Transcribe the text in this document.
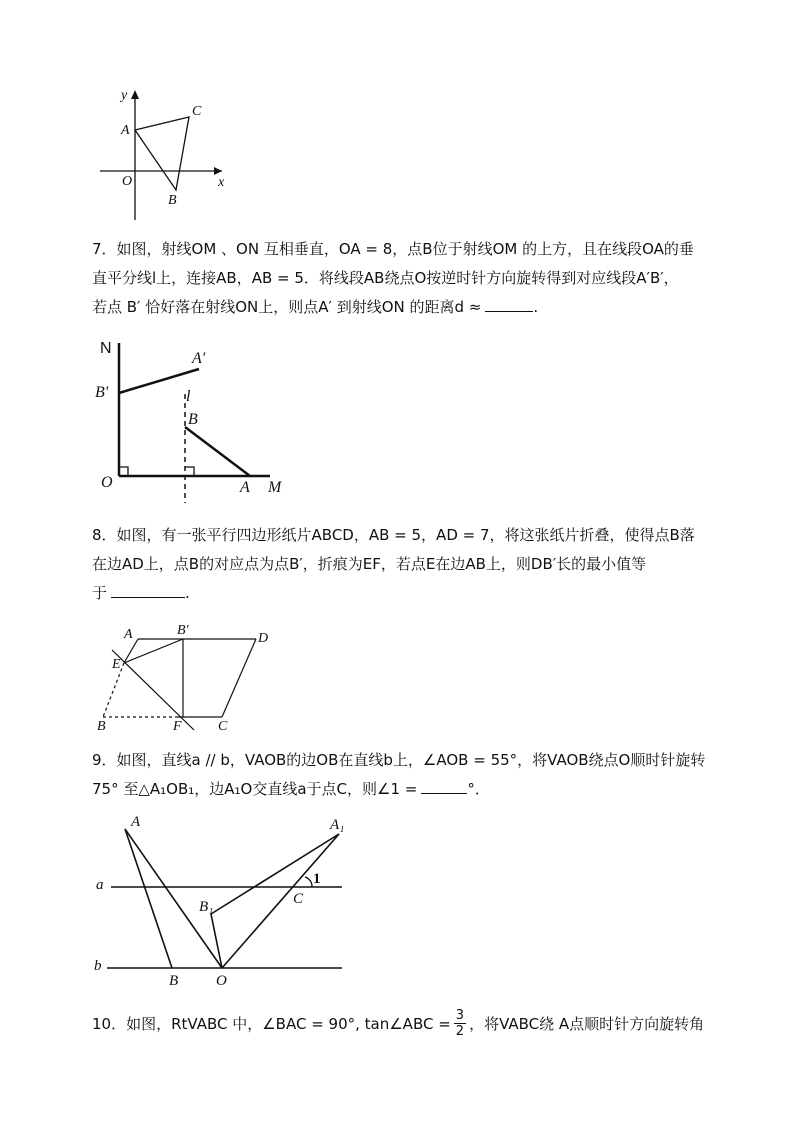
y
x
A
C
O
B
7．如图，射线OM 、ON 互相垂直，OA = 8，点B位于射线OM 的上方，且在线段OA的垂
直平分线l上，连接AB，AB = 5．将线段AB绕点O按逆时针方向旋转得到对应线段A′B′，
若点 B′ 恰好落在射线ON上，则点A′ 到射线ON 的距离d ≈	.
N
A′
B′	l
B
O	A M
8．如图，有一张平行四边形纸片ABCD，AB = 5，AD = 7，将这张纸片折叠，使得点B落
在边AD上，点B的对应点为点B′，折痕为EF，若点E在边AB上，则DB′长的最小值等
于	.
A	B′
D
E
B	F	C
9．如图，直线a // b，VAOB的边OB在直线b上，∠AOB = 55°，将VAOB绕点O顺时针旋转
75° 至△A₁OB₁，边A₁O交直线a于点C，则∠1 =	°．
A	A₁
a	1
B₁	C
b
B	O
10．如图，RtVABC 中，∠BAC = 90°, tan∠ABC = $\frac{3}{2}$ ，将VABC绕 A点顺时针方向旋转角
